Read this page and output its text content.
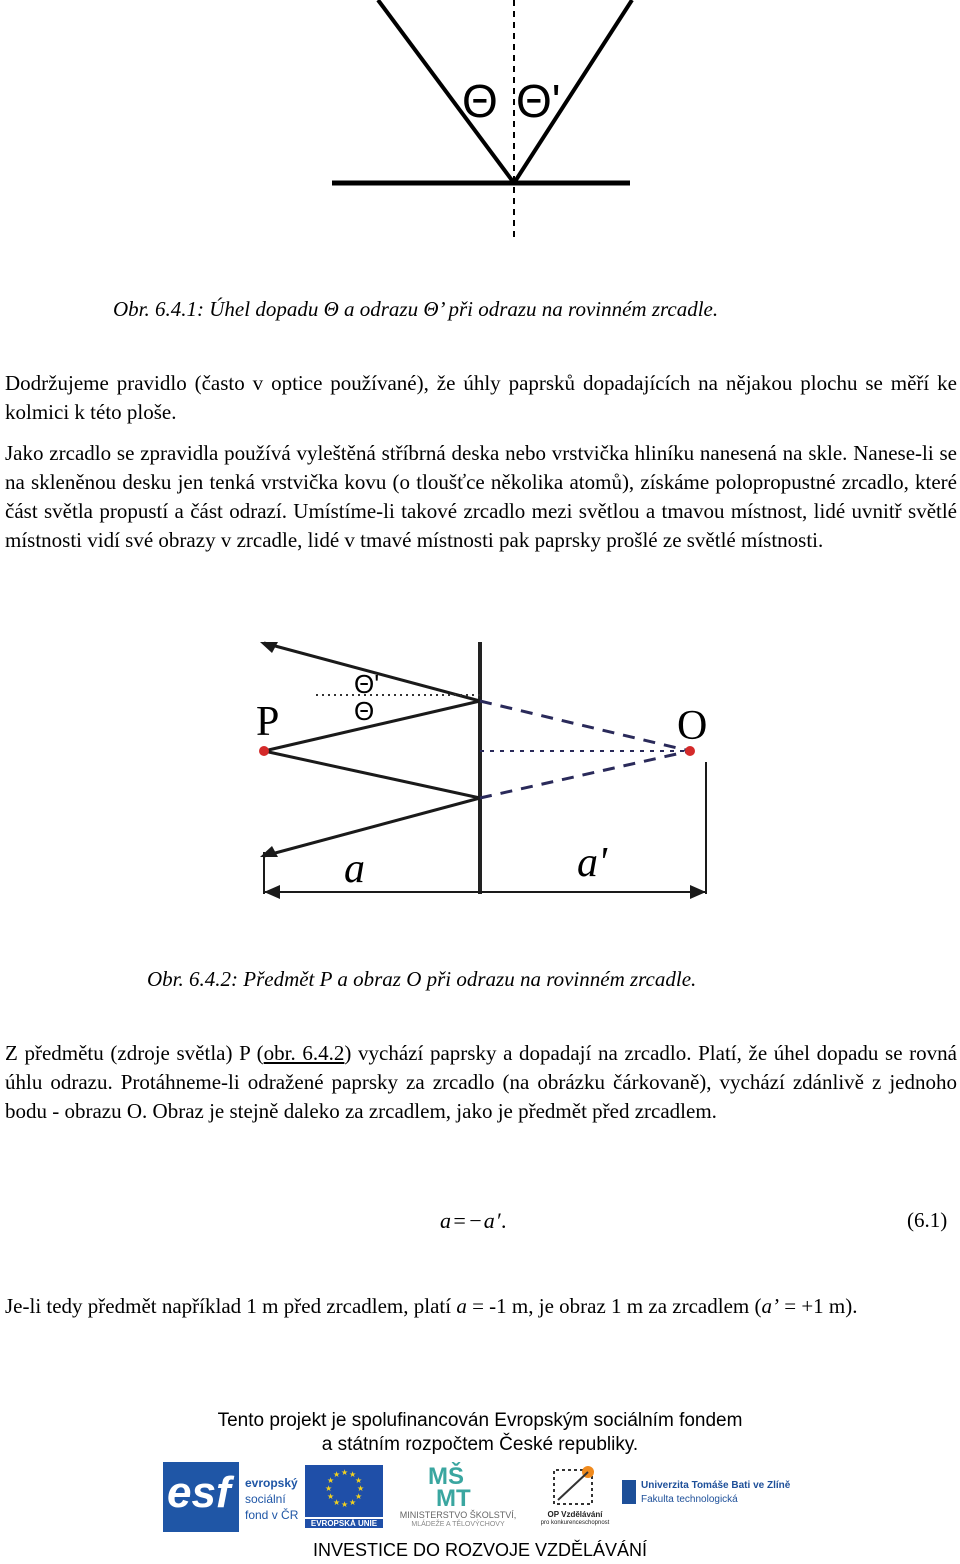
Θ Θ'
Obr. 6.4.1: Úhel dopadu Θ a odrazu Θ’ při odrazu na rovinném zrcadle.

Dodržujeme pravidlo (často v optice používané), že úhly paprsků dopadajících na nějakou plochu se měří ke kolmici k této ploše.

Jako zrcadlo se zpravidla používá vyleštěná stříbrná deska nebo vrstvička hliníku nanesená na skle. Nanese-li se na skleněnou desku jen tenká vrstvička kovu (o tloušťce několika atomů), získáme polopropustné zrcadlo, které část světla propustí a část odrazí. Umístíme-li takové zrcadlo mezi světlou a tmavou místnost, lidé uvnitř světlé místnosti vidí své obrazy v zrcadle, lidé v tmavé místnosti pak paprsky prošlé ze světlé místnosti.

P	O
Θ'
Θ
a	a'
Obr. 6.4.2: Předmět P a obraz O při odrazu na rovinném zrcadle.

Z předmětu (zdroje světla) P (obr. 6.4.2) vychází paprsky a dopadají na zrcadlo. Platí, že úhel dopadu se rovná úhlu odrazu. Protáhneme-li odražené paprsky za zrcadlo (na obrázku čárkovaně), vychází zdánlivě z jednoho bodu - obrazu O. Obraz je stejně daleko za zrcadlem, jako je předmět před zrcadlem.

a=−a′.	(6.1)

Je-li tedy předmět například 1 m před zrcadlem, platí a = -1 m, je obraz 1 m za zrcadlem (a’ = +1 m).

Tento projekt je spolufinancován Evropským sociálním fondem
a státním rozpočtem České republiky.
esf evropský
sociální
fond v ČR
★ ★
★
★
★
★
★
★
★
★
★
★
EVROPSKÁ UNIE
MŠ
MT
MINISTERSTVO ŠKOLSTVÍ,
MLÁDEŽE A TĚLOVÝCHOVY
OP Vzdělávání
pro konkurenceschopnost
Univerzita Tomáše Bati ve Zlíně
Fakulta technologická
INVESTICE DO ROZVOJE VZDĚLÁVÁNÍ
